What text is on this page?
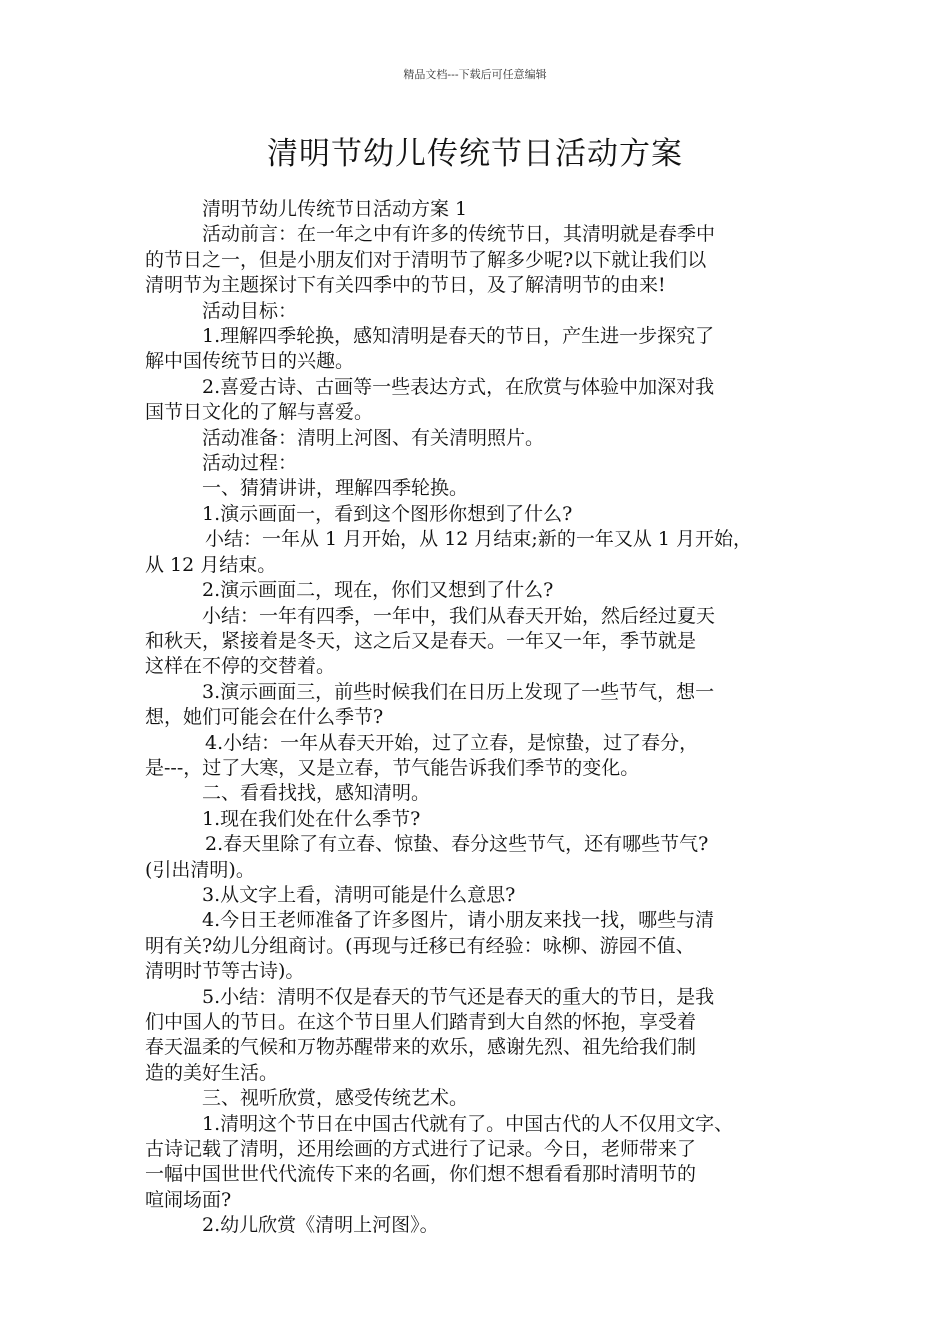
精品文档---下载后可任意编辑
清明节幼儿传统节日活动方案

清明节幼儿传统节日活动方案 1

活动前言：在一年之中有许多的传统节日，其清明就是春季中

的节日之一，但是小朋友们对于清明节了解多少呢?以下就让我们以

清明节为主题探讨下有关四季中的节日，及了解清明节的由来!

活动目标：

1.理解四季轮换，感知清明是春天的节日，产生进一步探究了

解中国传统节日的兴趣。

2.喜爱古诗、古画等一些表达方式，在欣赏与体验中加深对我

国节日文化的了解与喜爱。

活动准备：清明上河图、有关清明照片。

活动过程：

一、猜猜讲讲，理解四季轮换。

1.演示画面一，看到这个图形你想到了什么?

小结：一年从 1 月开始，从 12 月结束;新的一年又从 1 月开始，

从 12 月结束。

2.演示画面二，现在，你们又想到了什么?

小结：一年有四季，一年中，我们从春天开始，然后经过夏天

和秋天，紧接着是冬天，这之后又是春天。一年又一年，季节就是

这样在不停的交替着。

3.演示画面三，前些时候我们在日历上发现了一些节气，想一

想，她们可能会在什么季节?

4.小结：一年从春天开始，过了立春，是惊蛰，过了春分，

是---，过了大寒，又是立春，节气能告诉我们季节的变化。

二、看看找找，感知清明。

1.现在我们处在什么季节?

2.春天里除了有立春、惊蛰、春分这些节气，还有哪些节气?

(引出清明)。

3.从文字上看，清明可能是什么意思?

4.今日王老师准备了许多图片，请小朋友来找一找，哪些与清

明有关?幼儿分组商讨。(再现与迁移已有经验：咏柳、游园不值、

清明时节等古诗)。

5.小结：清明不仅是春天的节气还是春天的重大的节日，是我

们中国人的节日。在这个节日里人们踏青到大自然的怀抱，享受着

春天温柔的气候和万物苏醒带来的欢乐，感谢先烈、祖先给我们制

造的美好生活。

三、视听欣赏，感受传统艺术。

1.清明这个节日在中国古代就有了。中国古代的人不仅用文字、

古诗记载了清明，还用绘画的方式进行了记录。今日，老师带来了

一幅中国世世代代流传下来的名画，你们想不想看看那时清明节的

喧闹场面?

2.幼儿欣赏《清明上河图》。
